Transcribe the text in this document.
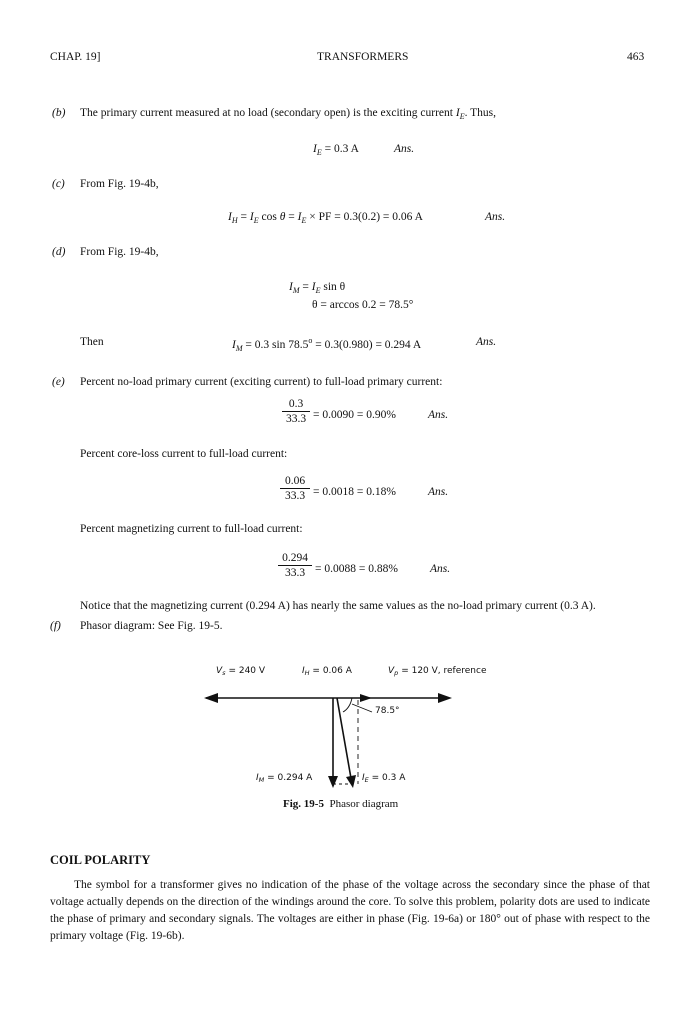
CHAP. 19]	TRANSFORMERS	463
(b) The primary current measured at no load (secondary open) is the exciting current $I_E$. Thus,
$I_E = 0.3$ A	Ans.
(c) From Fig. 19-4b,
$I_H = I_E$ $\cos \theta = I_E$ × PF = 0.3(0.2) = 0.06 A	Ans.
(d) From Fig. 19-4b,
$I_M = I_E$ sin θ
θ = arccos 0.2 = 78.5°
Then	$I_M = 0.3$ $\sin 78.5^o = 0.3(0.980) = 0.294$ A	Ans.
(e) Percent no-load primary current (exciting current) to full-load primary current:
0.3
33.3 = 0.0090 = 0.90%	Ans.
Percent core-loss current to full-load current:
0.06
33.3 = 0.0018 = 0.18%	Ans.
Percent magnetizing current to full-load current:
0.294
33.3 = 0.0088 = 0.88%	Ans.
Notice that the magnetizing current (0.294 A) has nearly the same values as the no-load primary current (0.3 A).
(f) Phasor diagram: See Fig. 19-5.
$V_s = 240$ V	$I_H = 0.06$ A	$V_p = 120$ V, reference
78.5°
$I_M = 0.294$ A	$I_E = 0.3$ A
Fig. 19-5 Phasor diagram
COIL POLARITY
The symbol for a transformer gives no indication of the phase of the voltage across the secondary since the phase of that voltage actually depends on the direction of the windings around the core. To solve this problem, polarity dots are used to indicate the phase of primary and secondary signals. The voltages are either in phase (Fig. 19-6a) or 180° out of phase with respect to the primary voltage (Fig. 19-6b).
